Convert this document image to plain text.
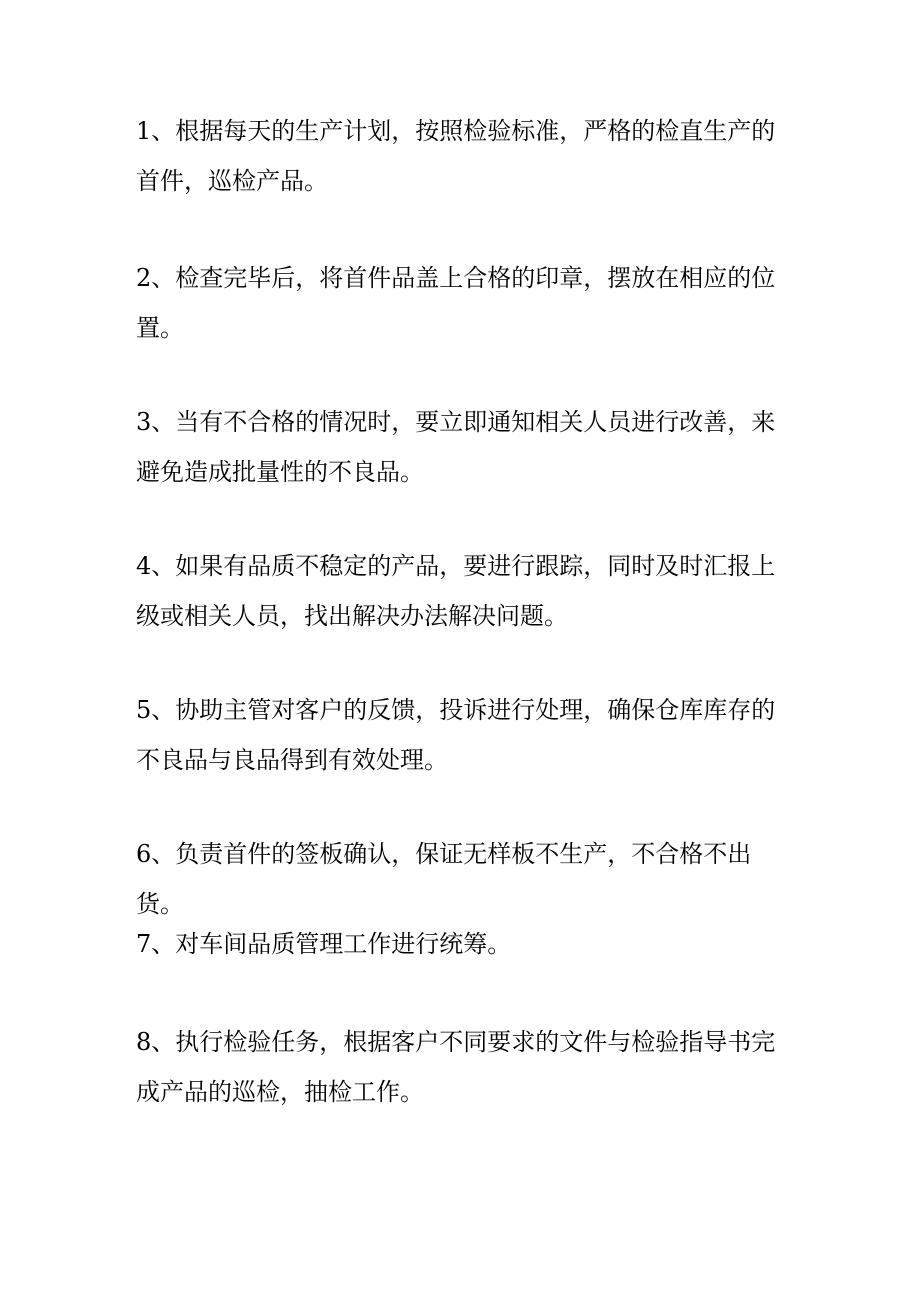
1、根据每天的生产计划，按照检验标准，严格的检直生产的首件，巡检产品。

2、检查完毕后，将首件品盖上合格的印章，摆放在相应的位置。

3、当有不合格的情况时，要立即通知相关人员进行改善，来避免造成批量性的不良品。

4、如果有品质不稳定的产品，要进行跟踪，同时及时汇报上级或相关人员，找出解决办法解决问题。

5、协助主管对客户的反馈，投诉进行处理，确保仓库库存的不良品与良品得到有效处理。

6、负责首件的签板确认，保证无样板不生产，不合格不出货。

7、对车间品质管理工作进行统筹。

8、执行检验任务，根据客户不同要求的文件与检验指导书完成产品的巡检，抽检工作。
